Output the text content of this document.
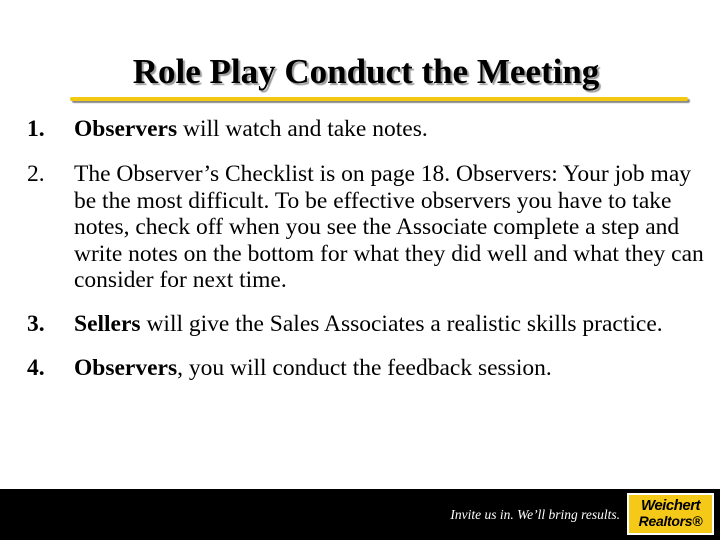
Role Play Conduct the Meeting
1. Observers will watch and take notes.
2. The Observer’s Checklist is on page 18. Observers: Your job may be the most difficult. To be effective observers you have to take notes, check off when you see the Associate complete a step and write notes on the bottom for what they did well and what they can consider for next time.
3. Sellers will give the Sales Associates a realistic skills practice.
4. Observers, you will conduct the feedback session.
Invite us in. We’ll bring results.
Weichert
Realtors®
